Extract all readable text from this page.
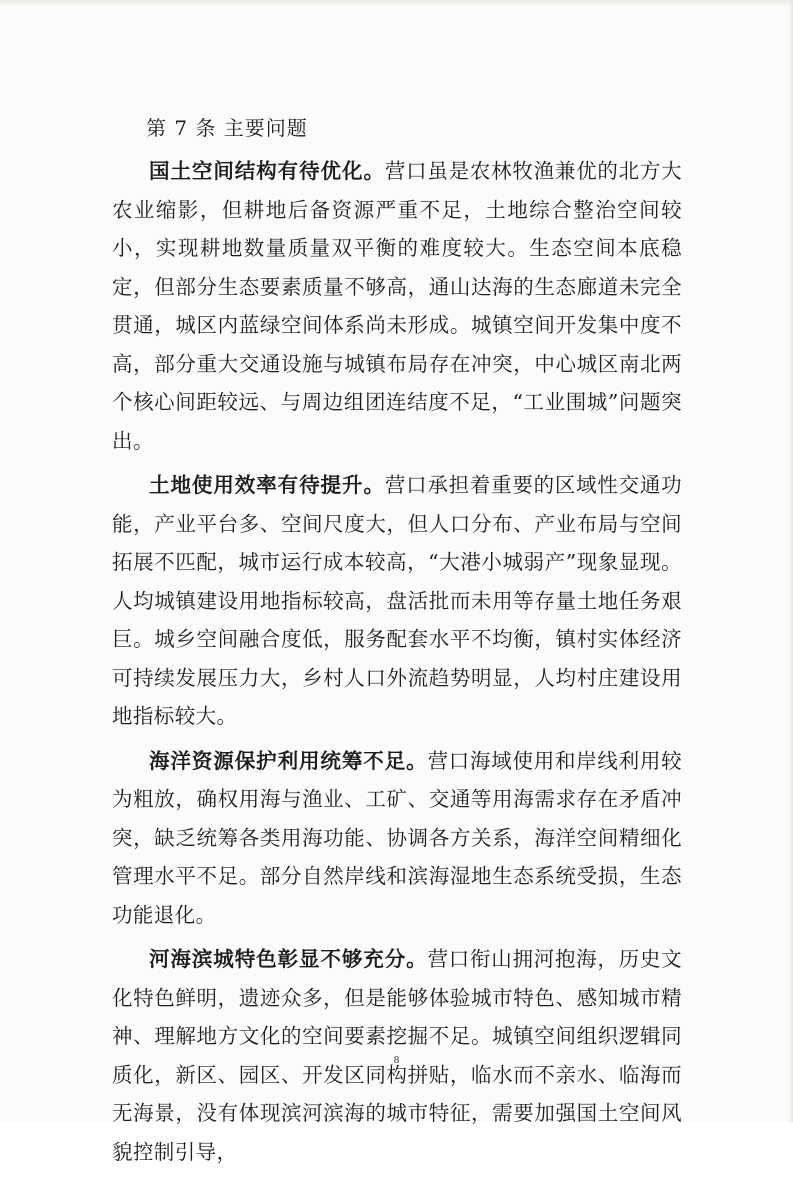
第 7 条 主要问题

国土空间结构有待优化。营口虽是农林牧渔兼优的北方大农业缩影，但耕地后备资源严重不足，土地综合整治空间较小，实现耕地数量质量双平衡的难度较大。生态空间本底稳定，但部分生态要素质量不够高，通山达海的生态廊道未完全贯通，城区内蓝绿空间体系尚未形成。城镇空间开发集中度不高，部分重大交通设施与城镇布局存在冲突，中心城区南北两个核心间距较远、与周边组团连结度不足，“工业围城”问题突出。

土地使用效率有待提升。营口承担着重要的区域性交通功能，产业平台多、空间尺度大，但人口分布、产业布局与空间拓展不匹配，城市运行成本较高，“大港小城弱产”现象显现。人均城镇建设用地指标较高，盘活批而未用等存量土地任务艰巨。城乡空间融合度低，服务配套水平不均衡，镇村实体经济可持续发展压力大，乡村人口外流趋势明显，人均村庄建设用地指标较大。

海洋资源保护利用统筹不足。营口海域使用和岸线利用较为粗放，确权用海与渔业、工矿、交通等用海需求存在矛盾冲突，缺乏统筹各类用海功能、协调各方关系，海洋空间精细化管理水平不足。部分自然岸线和滨海湿地生态系统受损，生态功能退化。

河海滨城特色彰显不够充分。营口衔山拥河抱海，历史文化特色鲜明，遗迹众多，但是能够体验城市特色、感知城市精神、理解地方文化的空间要素挖掘不足。城镇空间组织逻辑同质化，新区、园区、开发区同构拼贴，临水而不亲水、临海而无海景，没有体现滨河滨海的城市特征，需要加强国土空间风貌控制引导，

8
